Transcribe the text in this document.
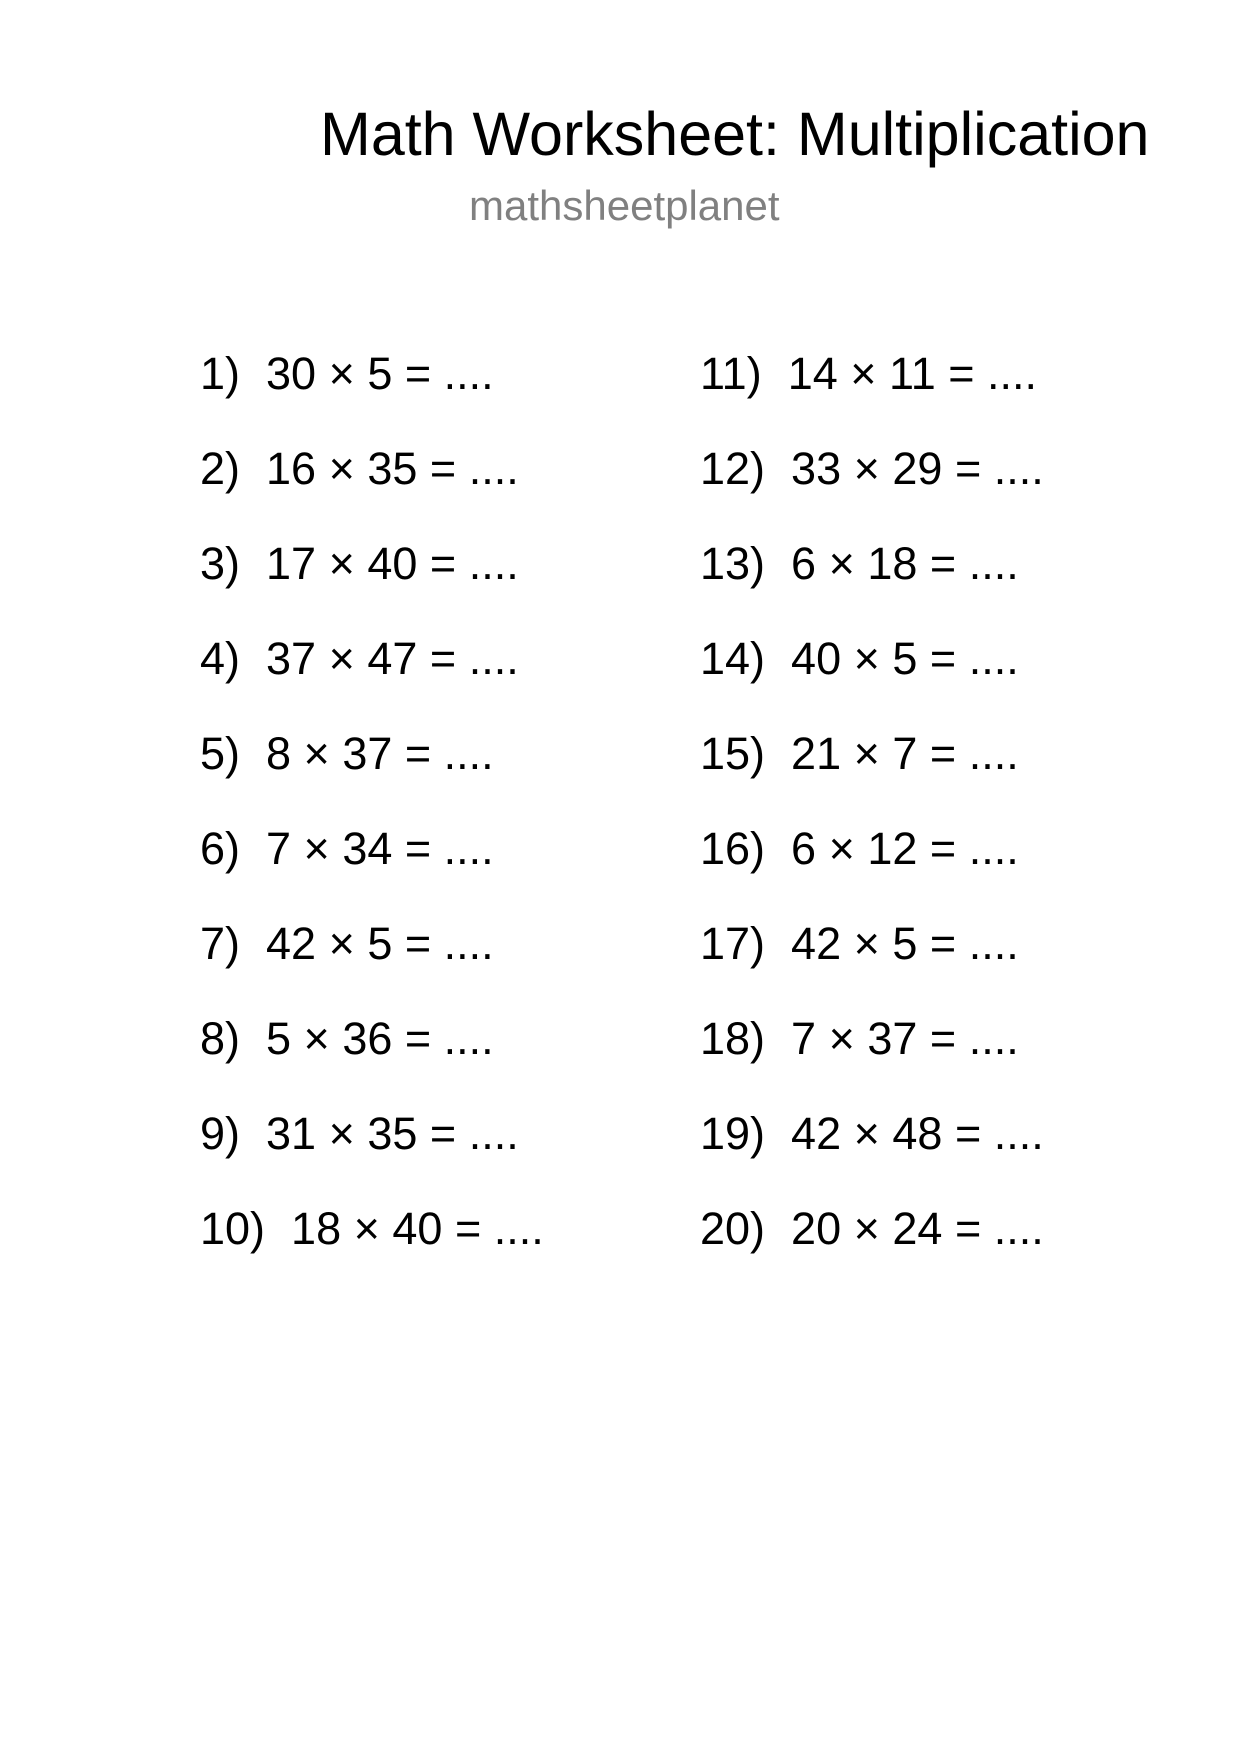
Math Worksheet: Multiplication
mathsheetplanet
1) 30 × 5 = ....
2) 16 × 35 = ....
3) 17 × 40 = ....
4) 37 × 47 = ....
5) 8 × 37 = ....
6) 7 × 34 = ....
7) 42 × 5 = ....
8) 5 × 36 = ....
9) 31 × 35 = ....
10) 18 × 40 = ....
11) 14 × 11 = ....
12) 33 × 29 = ....
13) 6 × 18 = ....
14) 40 × 5 = ....
15) 21 × 7 = ....
16) 6 × 12 = ....
17) 42 × 5 = ....
18) 7 × 37 = ....
19) 42 × 48 = ....
20) 20 × 24 = ....
